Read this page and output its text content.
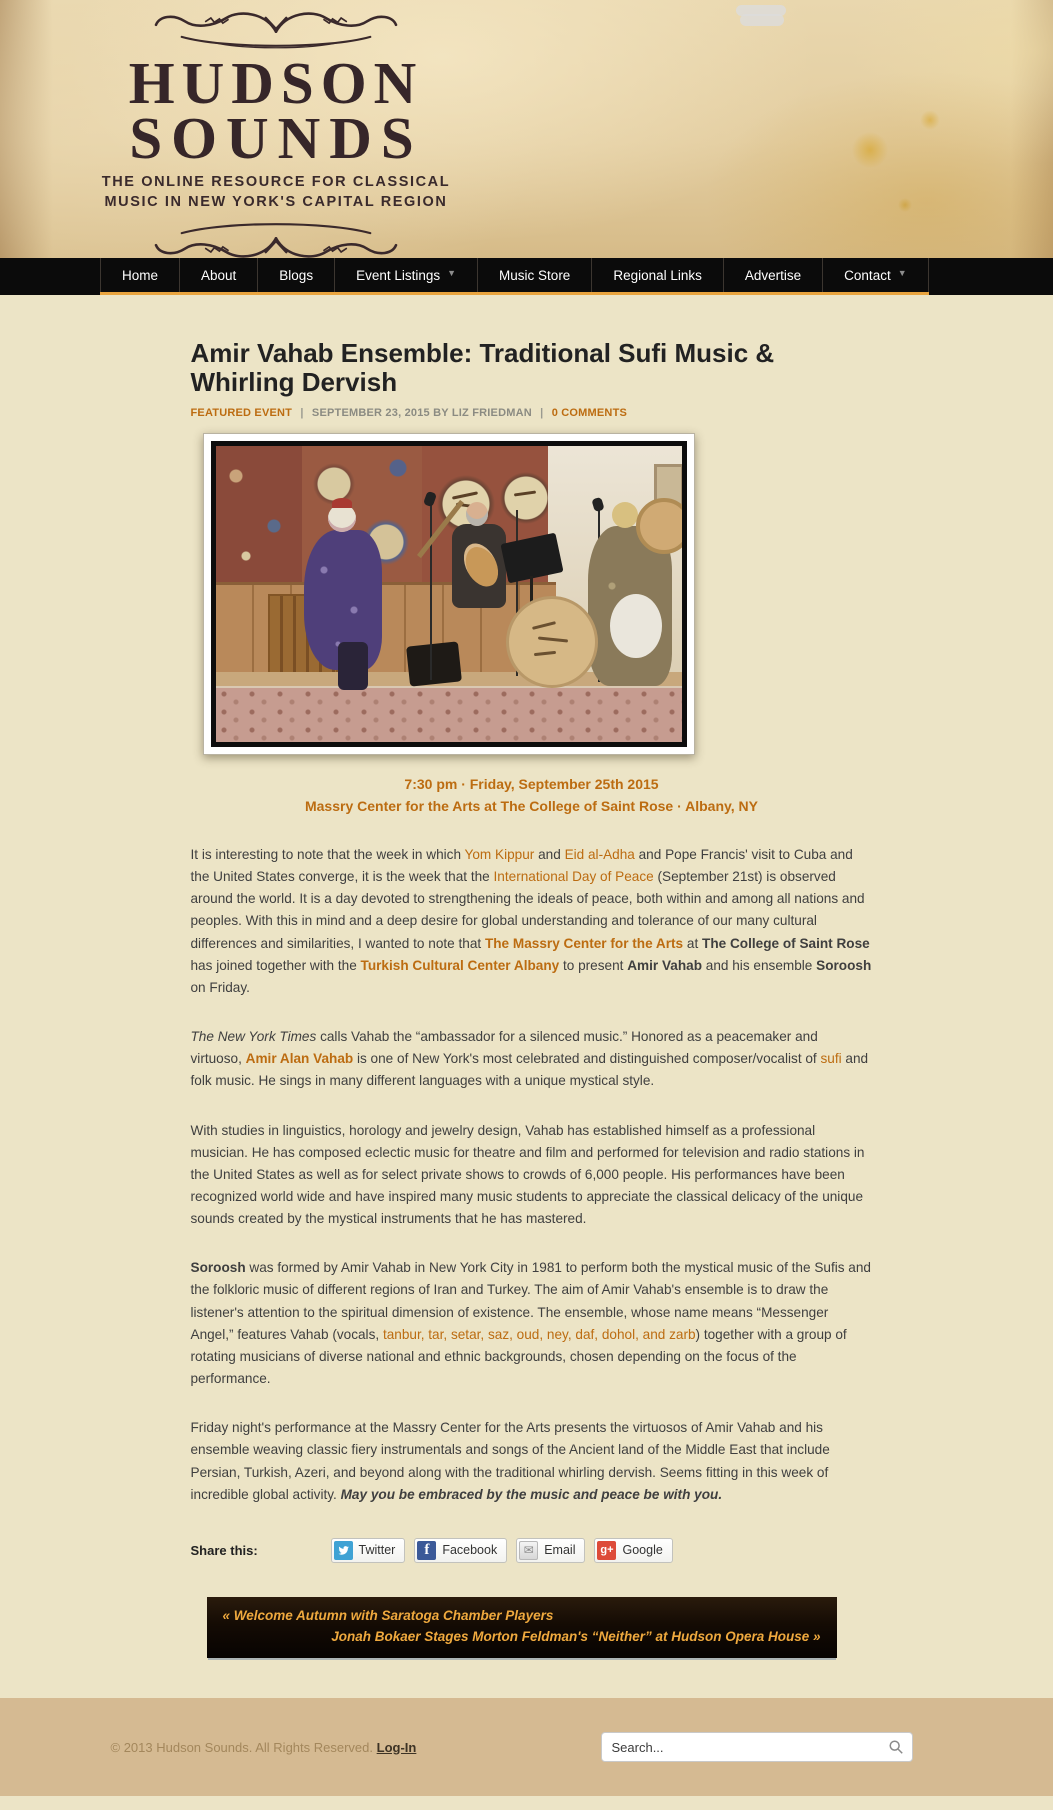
HUDSON
SOUNDS
THE ONLINE RESOURCE FOR CLASSICAL
MUSIC IN NEW YORK'S CAPITAL REGION
Home	About	Blogs	Event Listings ▼	Music Store	Regional Links	Advertise	Contact ▼
Amir Vahab Ensemble: Traditional Sufi Music & Whirling Dervish
FEATURED EVENT | SEPTEMBER 23, 2015 BY LIZ FRIEDMAN | 0 COMMENTS
7:30 pm · Friday, September 25th 2015
Massry Center for the Arts at The College of Saint Rose · Albany, NY

It is interesting to note that the week in which Yom Kippur and Eid al-Adha and Pope Francis' visit to Cuba and the United States converge, it is the week that the International Day of Peace (September 21st) is observed around the world. It is a day devoted to strengthening the ideals of peace, both within and among all nations and peoples. With this in mind and a deep desire for global understanding and tolerance of our many cultural differences and similarities, I wanted to note that The Massry Center for the Arts at The College of Saint Rose has joined together with the Turkish Cultural Center Albany to present Amir Vahab and his ensemble Soroosh on Friday.

The New York Times calls Vahab the “ambassador for a silenced music.” Honored as a peacemaker and virtuoso, Amir Alan Vahab is one of New York's most celebrated and distinguished composer/vocalist of sufi and folk music. He sings in many different languages with a unique mystical style.

With studies in linguistics, horology and jewelry design, Vahab has established himself as a professional musician. He has composed eclectic music for theatre and film and performed for television and radio stations in the United States as well as for select private shows to crowds of 6,000 people. His performances have been recognized world wide and have inspired many music students to appreciate the classical delicacy of the unique sounds created by the mystical instruments that he has mastered.

Soroosh was formed by Amir Vahab in New York City in 1981 to perform both the mystical music of the Sufis and the folkloric music of different regions of Iran and Turkey. The aim of Amir Vahab's ensemble is to draw the listener's attention to the spiritual dimension of existence. The ensemble, whose name means “Messenger Angel,” features Vahab (vocals, tanbur, tar, setar, saz, oud, ney, daf, dohol, and zarb) together with a group of rotating musicians of diverse national and ethnic backgrounds, chosen depending on the focus of the performance.

Friday night's performance at the Massry Center for the Arts presents the virtuosos of Amir Vahab and his ensemble weaving classic fiery instrumentals and songs of the Ancient land of the Middle East that include Persian, Turkish, Azeri, and beyond along with the traditional whirling dervish. Seems fitting in this week of incredible global activity. May you be embraced by the music and peace be with you.

Share this:	Twitter	f	Facebook	✉ Email g+ Google
« Welcome Autumn with Saratoga Chamber Players
Jonah Bokaer Stages Morton Feldman's “Neither” at Hudson Opera House »
© 2013 Hudson Sounds. All Rights Reserved. Log-In
Search...
